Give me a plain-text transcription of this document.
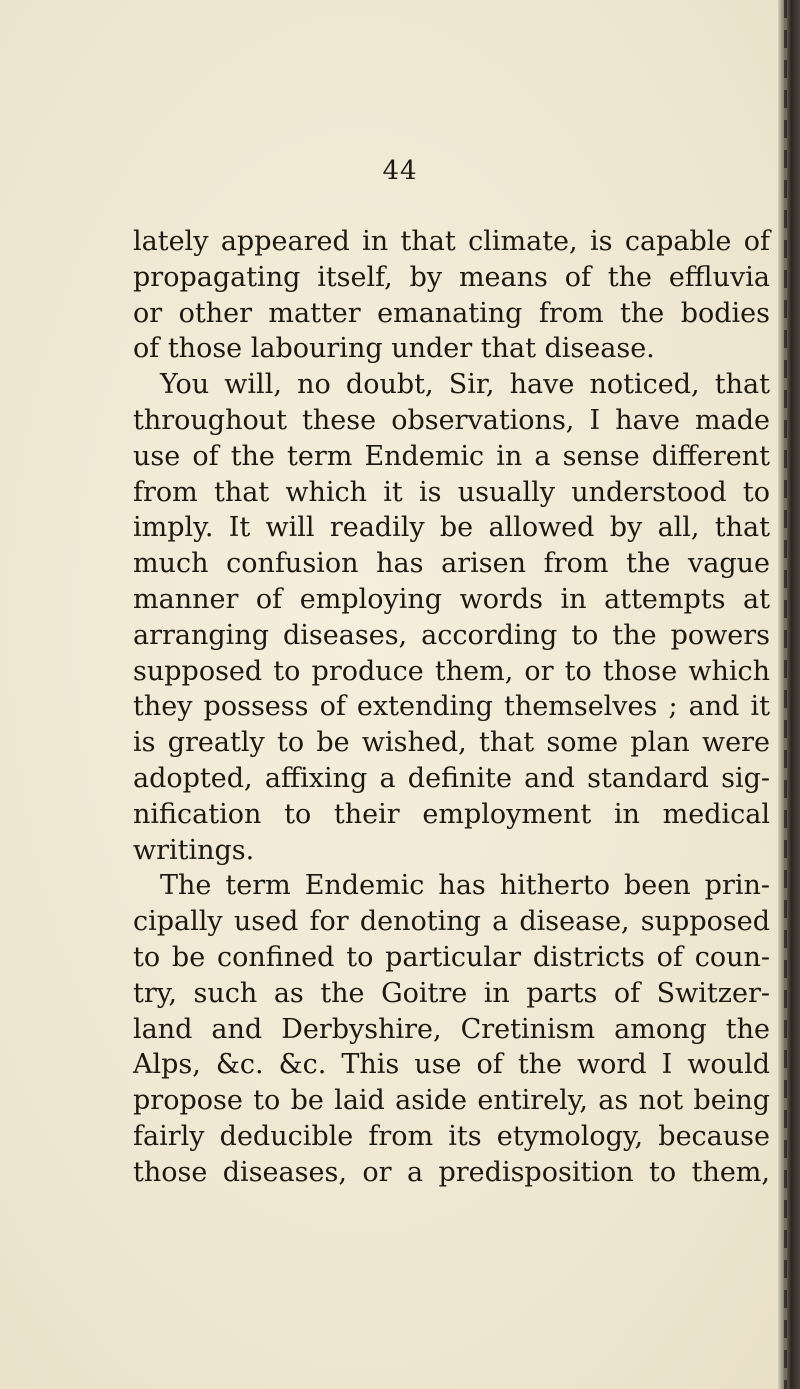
44
lately appeared in that climate, is capable of
propagating itself, by means of the effluvia
or other matter emanating from the bodies
of those labouring under that disease.
You will, no doubt, Sir, have noticed, that
throughout these observations, I have made
use of the term Endemic in a sense different
from that which it is usually understood to
imply. It will readily be allowed by all, that
much confusion has arisen from the vague
manner of employing words in attempts at
arranging diseases, according to the powers
supposed to produce them, or to those which
they possess of extending themselves ; and it
is greatly to be wished, that some plan were
adopted, affixing a definite and standard sig-
nification to their employment in medical
writings.
The term Endemic has hitherto been prin-
cipally used for denoting a disease, supposed
to be confined to particular districts of coun-
try, such as the Goitre in parts of Switzer-
land and Derbyshire, Cretinism among the
Alps, &c. &c. This use of the word I would
propose to be laid aside entirely, as not being
fairly deducible from its etymology, because
those diseases, or a predisposition to them,
